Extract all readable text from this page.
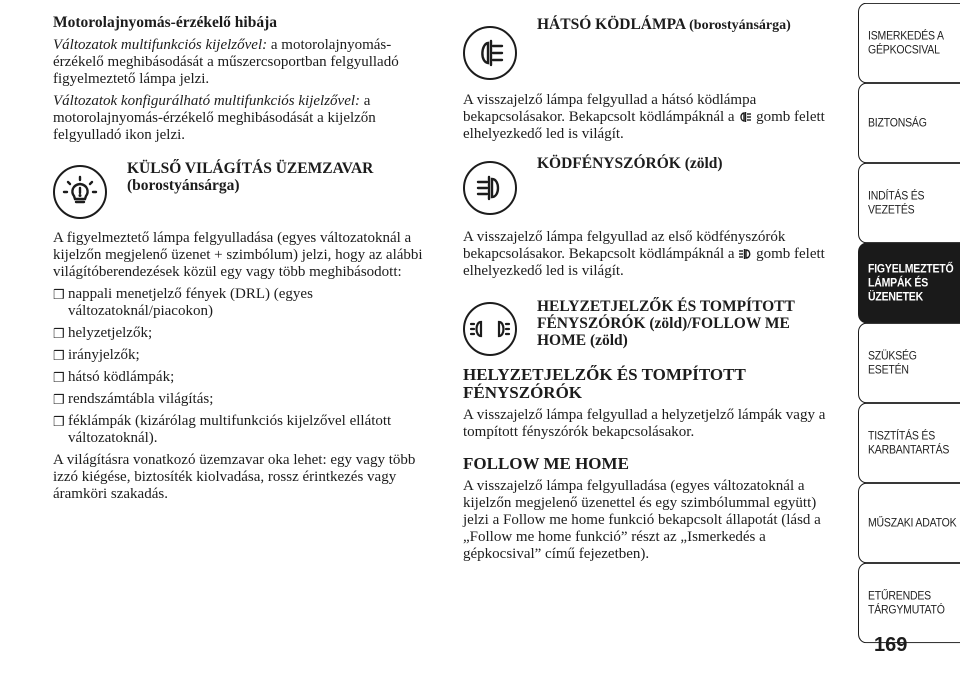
Motorolajnyomás-érzékelő hibája

Változatok multifunkciós kijelzővel: a motorolajnyomás-érzékelő meghibásodását a műszercsoportban felgyulladó figyelmeztető lámpa jelzi.

Változatok konfigurálható multifunkciós kijelzővel: a motorolajnyomás-érzékelő meghibásodását a kijelzőn felgyulladó ikon jelzi.

KÜLSŐ VILÁGÍTÁS ÜZEMZAVAR

(borostyánsárga)

A figyelmeztető lámpa felgyulladása (egyes változatoknál a kijelzőn megjelenő üzenet + szimbólum) jelzi, hogy az alábbi világítóberendezések közül egy vagy több meghibásodott:

❒ nappali menetjelző fények (DRL) (egyes változatoknál/piacokon)
❒ helyzetjelzők;
❒ irányjelzők;
❒ hátsó ködlámpák;
❒ rendszámtábla világítás;
❒ féklámpák (kizárólag multifunkciós kijelzővel ellátott változatoknál).

A világításra vonatkozó üzemzavar oka lehet: egy vagy több izzó kiégése, biztosíték kiolvadása, rossz érintkezés vagy áramköri szakadás.

HÁTSÓ KÖDLÁMPA (borostyánsárga)

A visszajelző lámpa felgyullad a hátsó ködlámpa bekapcsolásakor. Bekapcsolt ködlámpáknál a gomb felett elhelyezkedő led is világít.

KÖDFÉNYSZÓRÓK (zöld)

A visszajelző lámpa felgyullad az első ködfényszórók bekapcsolásakor. Bekapcsolt ködlámpáknál a gomb felett elhelyezkedő led is világít.

HELYZETJELZŐK ÉS TOMPÍTOTT

FÉNYSZÓRÓK (zöld)/FOLLOW ME

HOME (zöld)

HELYZETJELZŐK ÉS TOMPÍTOTT

FÉNYSZÓRÓK

A visszajelző lámpa felgyullad a helyzetjelző lámpák vagy a tompított fényszórók bekapcsolásakor.

FOLLOW ME HOME

A visszajelző lámpa felgyulladása (egyes változatoknál a kijelzőn megjelenő üzenettel és egy szimbólummal együtt) jelzi a Follow me home funkció bekapcsolt állapotát (lásd a „Follow me home funkció” részt az „Ismerkedés a gépkocsival” című fejezetben).

ISMERKEDÉS A
GÉPKOCSIVAL
BIZTONSÁG
INDÍTÁS ÉS
VEZETÉS
FIGYELMEZTETŐ
LÁMPÁK ÉS
ÜZENETEK
SZÜKSÉG ESETÉN
TISZTÍTÁS ÉS
KARBANTARTÁS
MŰSZAKI ADATOK
ETŰRENDES
TÁRGYMUTATÓ
169
